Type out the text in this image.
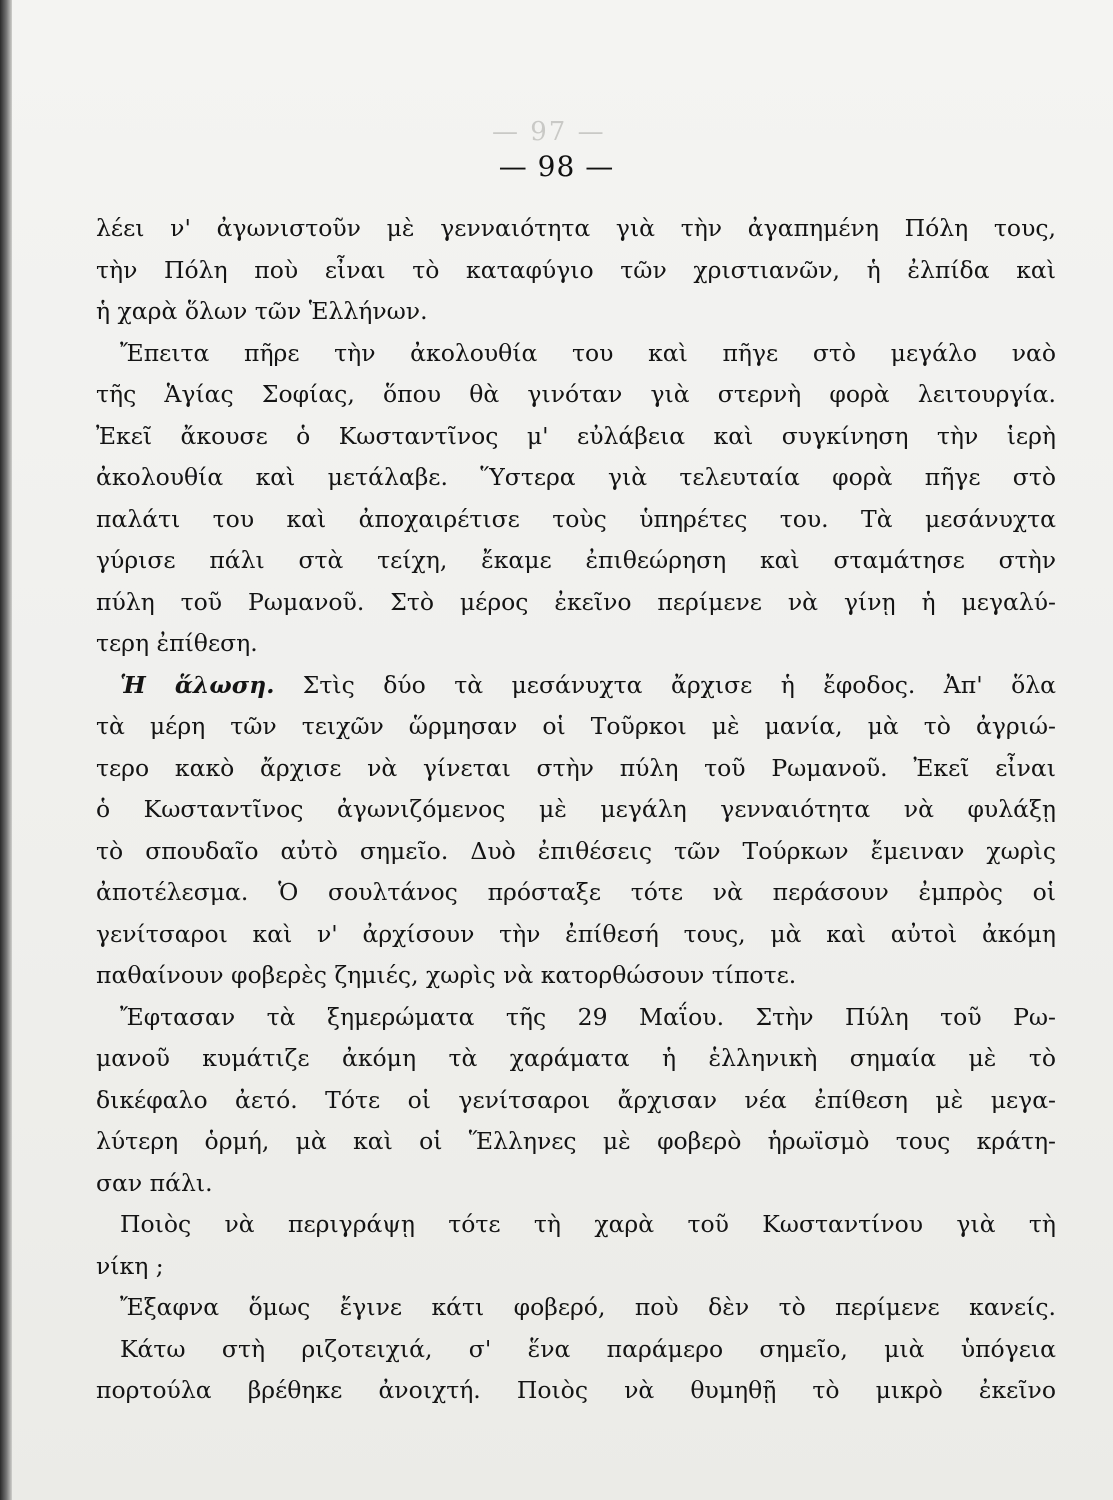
— 97 —
— 98 —
λέει ν' ἀγωνιστοῦν μὲ γενναιότητα γιὰ τὴν ἀγαπημένη Πόλη τους,
τὴν Πόλη ποὺ εἶναι τὸ καταφύγιο τῶν χριστιανῶν, ἡ ἐλπίδα καὶ
ἡ χαρὰ ὅλων τῶν Ἑλλήνων.
Ἔπειτα πῆρε τὴν ἀκολουθία του καὶ πῆγε στὸ μεγάλο ναὸ
τῆς Ἁγίας Σοφίας, ὅπου θὰ γινόταν γιὰ στερνὴ φορὰ λειτουργία.
Ἐκεῖ ἄκουσε ὁ Κωσταντῖνος μ' εὐλάβεια καὶ συγκίνηση τὴν ἱερὴ
ἀκολουθία καὶ μετάλαβε. Ὕστερα γιὰ τελευταία φορὰ πῆγε στὸ
παλάτι του καὶ ἀποχαιρέτισε τοὺς ὑπηρέτες του. Τὰ μεσάνυχτα
γύρισε πάλι στὰ τείχη, ἔκαμε ἐπιθεώρηση καὶ σταμάτησε στὴν
πύλη τοῦ Ρωμανοῦ. Στὸ μέρος ἐκεῖνο περίμενε νὰ γίνῃ ἡ μεγαλύ-
τερη ἐπίθεση.
Ἡ ἅλωση. Στὶς δύο τὰ μεσάνυχτα ἄρχισε ἡ ἔφοδος. Ἀπ' ὅλα
τὰ μέρη τῶν τειχῶν ὥρμησαν οἱ Τοῦρκοι μὲ μανία, μὰ τὸ ἀγριώ-
τερο κακὸ ἄρχισε νὰ γίνεται στὴν πύλη τοῦ Ρωμανοῦ. Ἐκεῖ εἶναι
ὁ Κωσταντῖνος ἀγωνιζόμενος μὲ μεγάλη γενναιότητα νὰ φυλάξῃ
τὸ σπουδαῖο αὐτὸ σημεῖο. Δυὸ ἐπιθέσεις τῶν Τούρκων ἔμειναν χωρὶς
ἀποτέλεσμα. Ὁ σουλτάνος πρόσταξε τότε νὰ περάσουν ἐμπρὸς οἱ
γενίτσαροι καὶ ν' ἀρχίσουν τὴν ἐπίθεσή τους, μὰ καὶ αὐτοὶ ἀκόμη
παθαίνουν φοβερὲς ζημιές, χωρὶς νὰ κατορθώσουν τίποτε.
Ἔφτασαν τὰ ξημερώματα τῆς 29 Μαΐου. Στὴν Πύλη τοῦ Ρω-
μανοῦ κυμάτιζε ἀκόμη τὰ χαράματα ἡ ἑλληνικὴ σημαία μὲ τὸ
δικέφαλο ἀετό. Τότε οἱ γενίτσαροι ἄρχισαν νέα ἐπίθεση μὲ μεγα-
λύτερη ὁρμή, μὰ καὶ οἱ Ἕλληνες μὲ φοβερὸ ἡρωϊσμὸ τους κράτη-
σαν πάλι.
Ποιὸς νὰ περιγράψῃ τότε τὴ χαρὰ τοῦ Κωσταντίνου γιὰ τὴ
νίκη ;
Ἔξαφνα ὅμως ἔγινε κάτι φοβερό, ποὺ δὲν τὸ περίμενε κανείς.
Κάτω στὴ ριζοτειχιά, σ' ἕνα παράμερο σημεῖο, μιὰ ὑπόγεια
πορτούλα βρέθηκε ἀνοιχτή. Ποιὸς νὰ θυμηθῇ τὸ μικρὸ ἐκεῖνο
